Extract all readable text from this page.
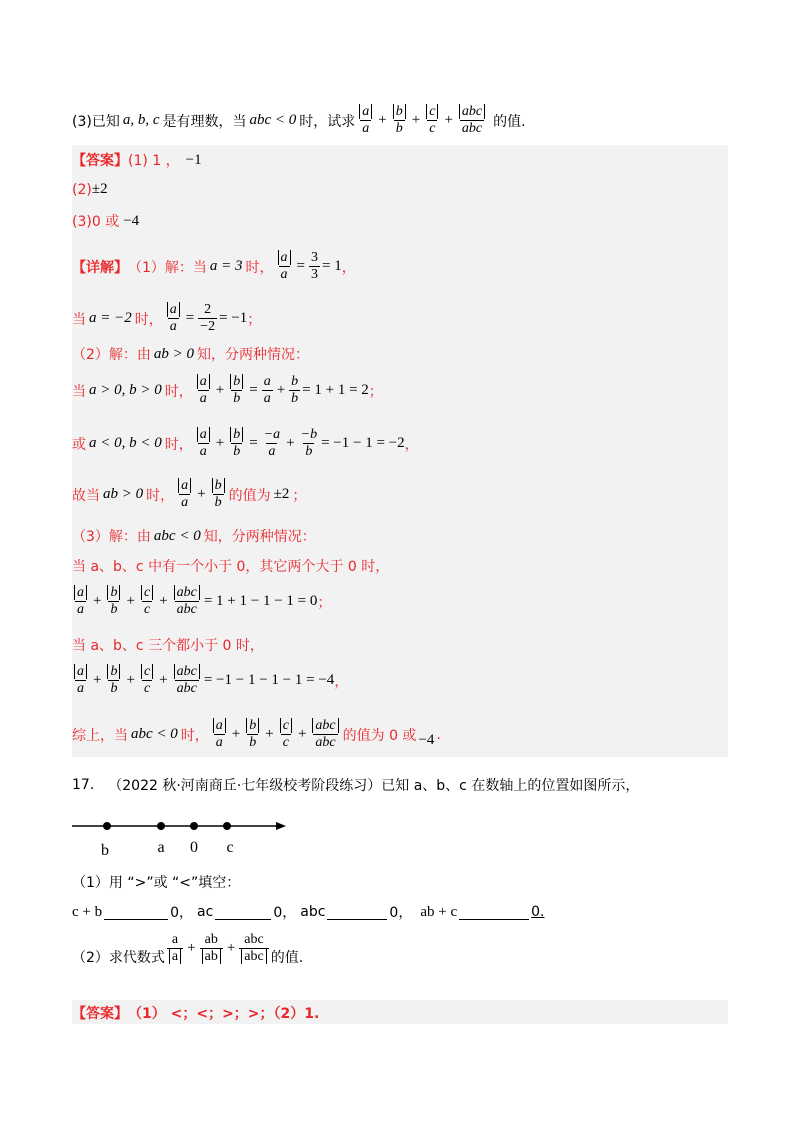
(3)已知 a, b, c 是有理数，当 abc < 0 时，试求 $\frac{a}{a} + \frac{b}{b} + \frac{c}{c} + \frac{\text{abc}}{\text{abc}}$ 的值.
【答案】 (1) 1 ， −1
(2) ±2
(3)0 或 −4
【详解】 （1）解：当 a = 3 时， $\frac{a}{a} = \frac{3}{3} = 1$ ，
当 a = −2 时， $\frac{a}{a} = \frac{2}{-2} = -1$ ；
（2）解：由 ab > 0 知，分两种情况：
当 a > 0, b > 0 时， $\frac{a}{a} + \frac{b}{b} = \frac{a}{a} + \frac{b}{b} = 1 + 1 = 2$ ；
或 a < 0, b < 0 时， $\frac{a}{a} + \frac{b}{b} = \frac{-a}{a} + \frac{-b}{b} = -1 - 1 = -2$ ，
故当 ab > 0 时， $\frac{a}{a} + \frac{b}{b}$ 的值为 ±2 ；
（3）解：由 abc < 0 知，分两种情况：
当 a、b、c 中有一个小于 0，其它两个大于 0 时，
$\frac{a}{a} + \frac{b}{b} + \frac{c}{c} + \frac{\text{abc}}{\text{abc}} = 1 + 1 - 1 - 1 = 0$ ；
当 a、b、c 三个都小于 0 时，
$\frac{a}{a} + \frac{b}{b} + \frac{c}{c} + \frac{\text{abc}}{\text{abc}} = -1 - 1 - 1 - 1 = -4$ ，
综上，当 abc < 0 时， $\frac{a}{a} + \frac{b}{b} + \frac{c}{c} + \frac{\text{abc}}{\text{abc}}$ 的值为 0 或 −4 .
17. （2022 秋·河南商丘·七年级校考阶段练习） 已知 a、b、c 在数轴上的位置如图所示，
b	a 0 c
（1）用 “>”或 “<”填空：
c + b	0， ac	0， abc	0， ab + c	0.
（2）求代数式 $\frac{a}{a} + \frac{ab}{ab} + \frac{\text{abc}}{\text{abc}}$ 的值.
【答案】 （1） <；<；>；>；（2）1.
